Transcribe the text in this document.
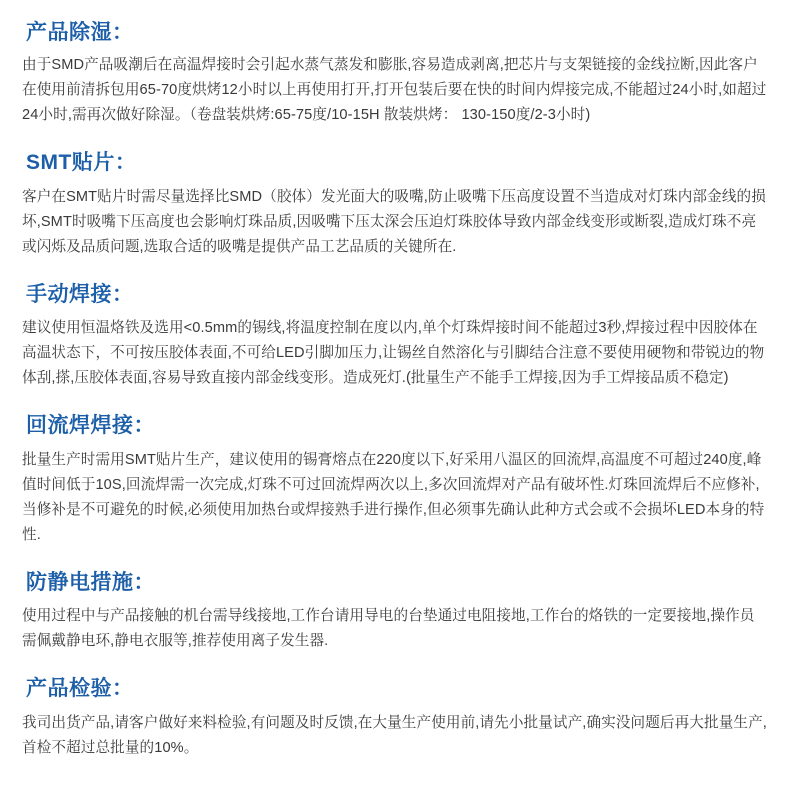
产品除湿：

由于SMD产品吸潮后在高温焊接时会引起水蒸气蒸发和膨胀,容易造成剥离,把芯片与支架链接的金线拉断,因此客户在使用前清拆包用65-70度烘烤12小时以上再使用打开,打开包装后要在快的时间内焊接完成,不能超过24小时,如超过24小时,需再次做好除湿。（卷盘装烘烤:65-75度/10-15H 散装烘烤： 130-150度/2-3小时)

SMT贴片：

客户在SMT贴片时需尽量选择比SMD（胶体）发光面大的吸嘴,防止吸嘴下压高度设置不当造成对灯珠内部金线的损坏,SMT时吸嘴下压高度也会影响灯珠品质,因吸嘴下压太深会压迫灯珠胶体导致内部金线变形或断裂,造成灯珠不亮或闪烁及品质问题,选取合适的吸嘴是提供产品工艺品质的关键所在.

手动焊接：

建议使用恒温烙铁及选用<0.5mm的锡线,将温度控制在度以内,单个灯珠焊接时间不能超过3秒,焊接过程中因胶体在高温状态下，不可按压胶体表面,不可给LED引脚加压力,让锡丝自然溶化与引脚结合注意不要使用硬物和带锐边的物体刮,搽,压胶体表面,容易导致直接内部金线变形。造成死灯.(批量生产不能手工焊接,因为手工焊接品质不稳定)

回流焊焊接：

批量生产时需用SMT贴片生产，建议使用的锡膏熔点在220度以下,好采用八温区的回流焊,高温度不可超过240度,峰值时间低于10S,回流焊需一次完成,灯珠不可过回流焊两次以上,多次回流焊对产品有破坏性.灯珠回流焊后不应修补,当修补是不可避免的时候,必须使用加热台或焊接熟手进行操作,但必须事先确认此种方式会或不会损坏LED本身的特性.

防静电措施：

使用过程中与产品接触的机台需导线接地,工作台请用导电的台垫通过电阻接地,工作台的烙铁的一定要接地,操作员需佩戴静电环,静电衣服等,推荐使用离子发生器.

产品检验：

我司出货产品,请客户做好来料检验,有问题及时反馈,在大量生产使用前,请先小批量试产,确实没问题后再大批量生产,首检不超过总批量的10%。
